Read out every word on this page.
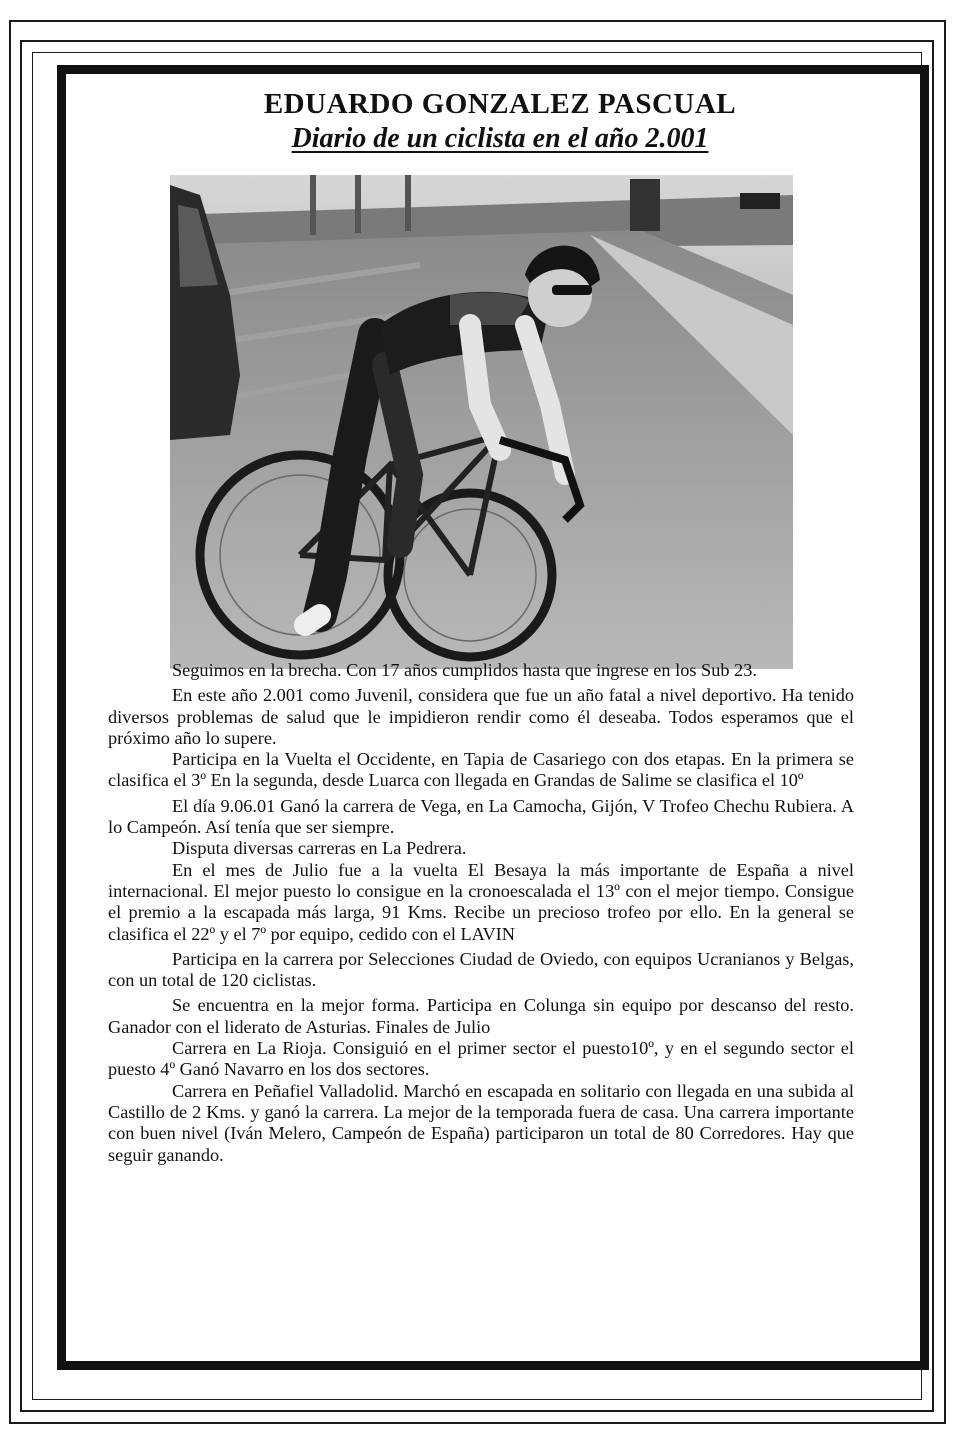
EDUARDO GONZALEZ PASCUAL
Diario de un ciclista en el año 2.001

Seguimos en la brecha. Con 17 años cumplidos hasta que ingrese en los Sub 23.

En este año 2.001 como Juvenil, considera que fue un año fatal a nivel deportivo. Ha tenido diversos problemas de salud que le impidieron rendir como él deseaba. Todos esperamos que el próximo año lo supere.

Participa en la Vuelta el Occidente, en Tapia de Casariego con dos etapas. En la primera se clasifica el 3º En la segunda, desde Luarca con llegada en Grandas de Salime se clasifica el 10º

El día 9.06.01 Ganó la carrera de Vega, en La Camocha, Gijón, V Trofeo Chechu Rubiera. A lo Campeón. Así tenía que ser siempre.

Disputa diversas carreras en La Pedrera.

En el mes de Julio fue a la vuelta El Besaya la más importante de España a nivel internacional. El mejor puesto lo consigue en la cronoescalada el 13º con el mejor tiempo. Consigue el premio a la escapada más larga, 91 Kms. Recibe un precioso trofeo por ello. En la general se clasifica el 22º y el 7º por equipo, cedido con el LAVIN

Participa en la carrera por Selecciones Ciudad de Oviedo, con equipos Ucranianos y Belgas, con un total de 120 ciclistas.

Se encuentra en la mejor forma. Participa en Colunga sin equipo por descanso del resto. Ganador con el liderato de Asturias. Finales de Julio

Carrera en La Rioja. Consiguió en el primer sector el puesto10º, y en el segundo sector el puesto 4º Ganó Navarro en los dos sectores.

Carrera en Peñafiel Valladolid. Marchó en escapada en solitario con llegada en una subida al Castillo de 2 Kms. y ganó la carrera. La mejor de la temporada fuera de casa. Una carrera importante con buen nivel (Iván Melero, Campeón de España) participaron un total de 80 Corredores. Hay que seguir ganando.
